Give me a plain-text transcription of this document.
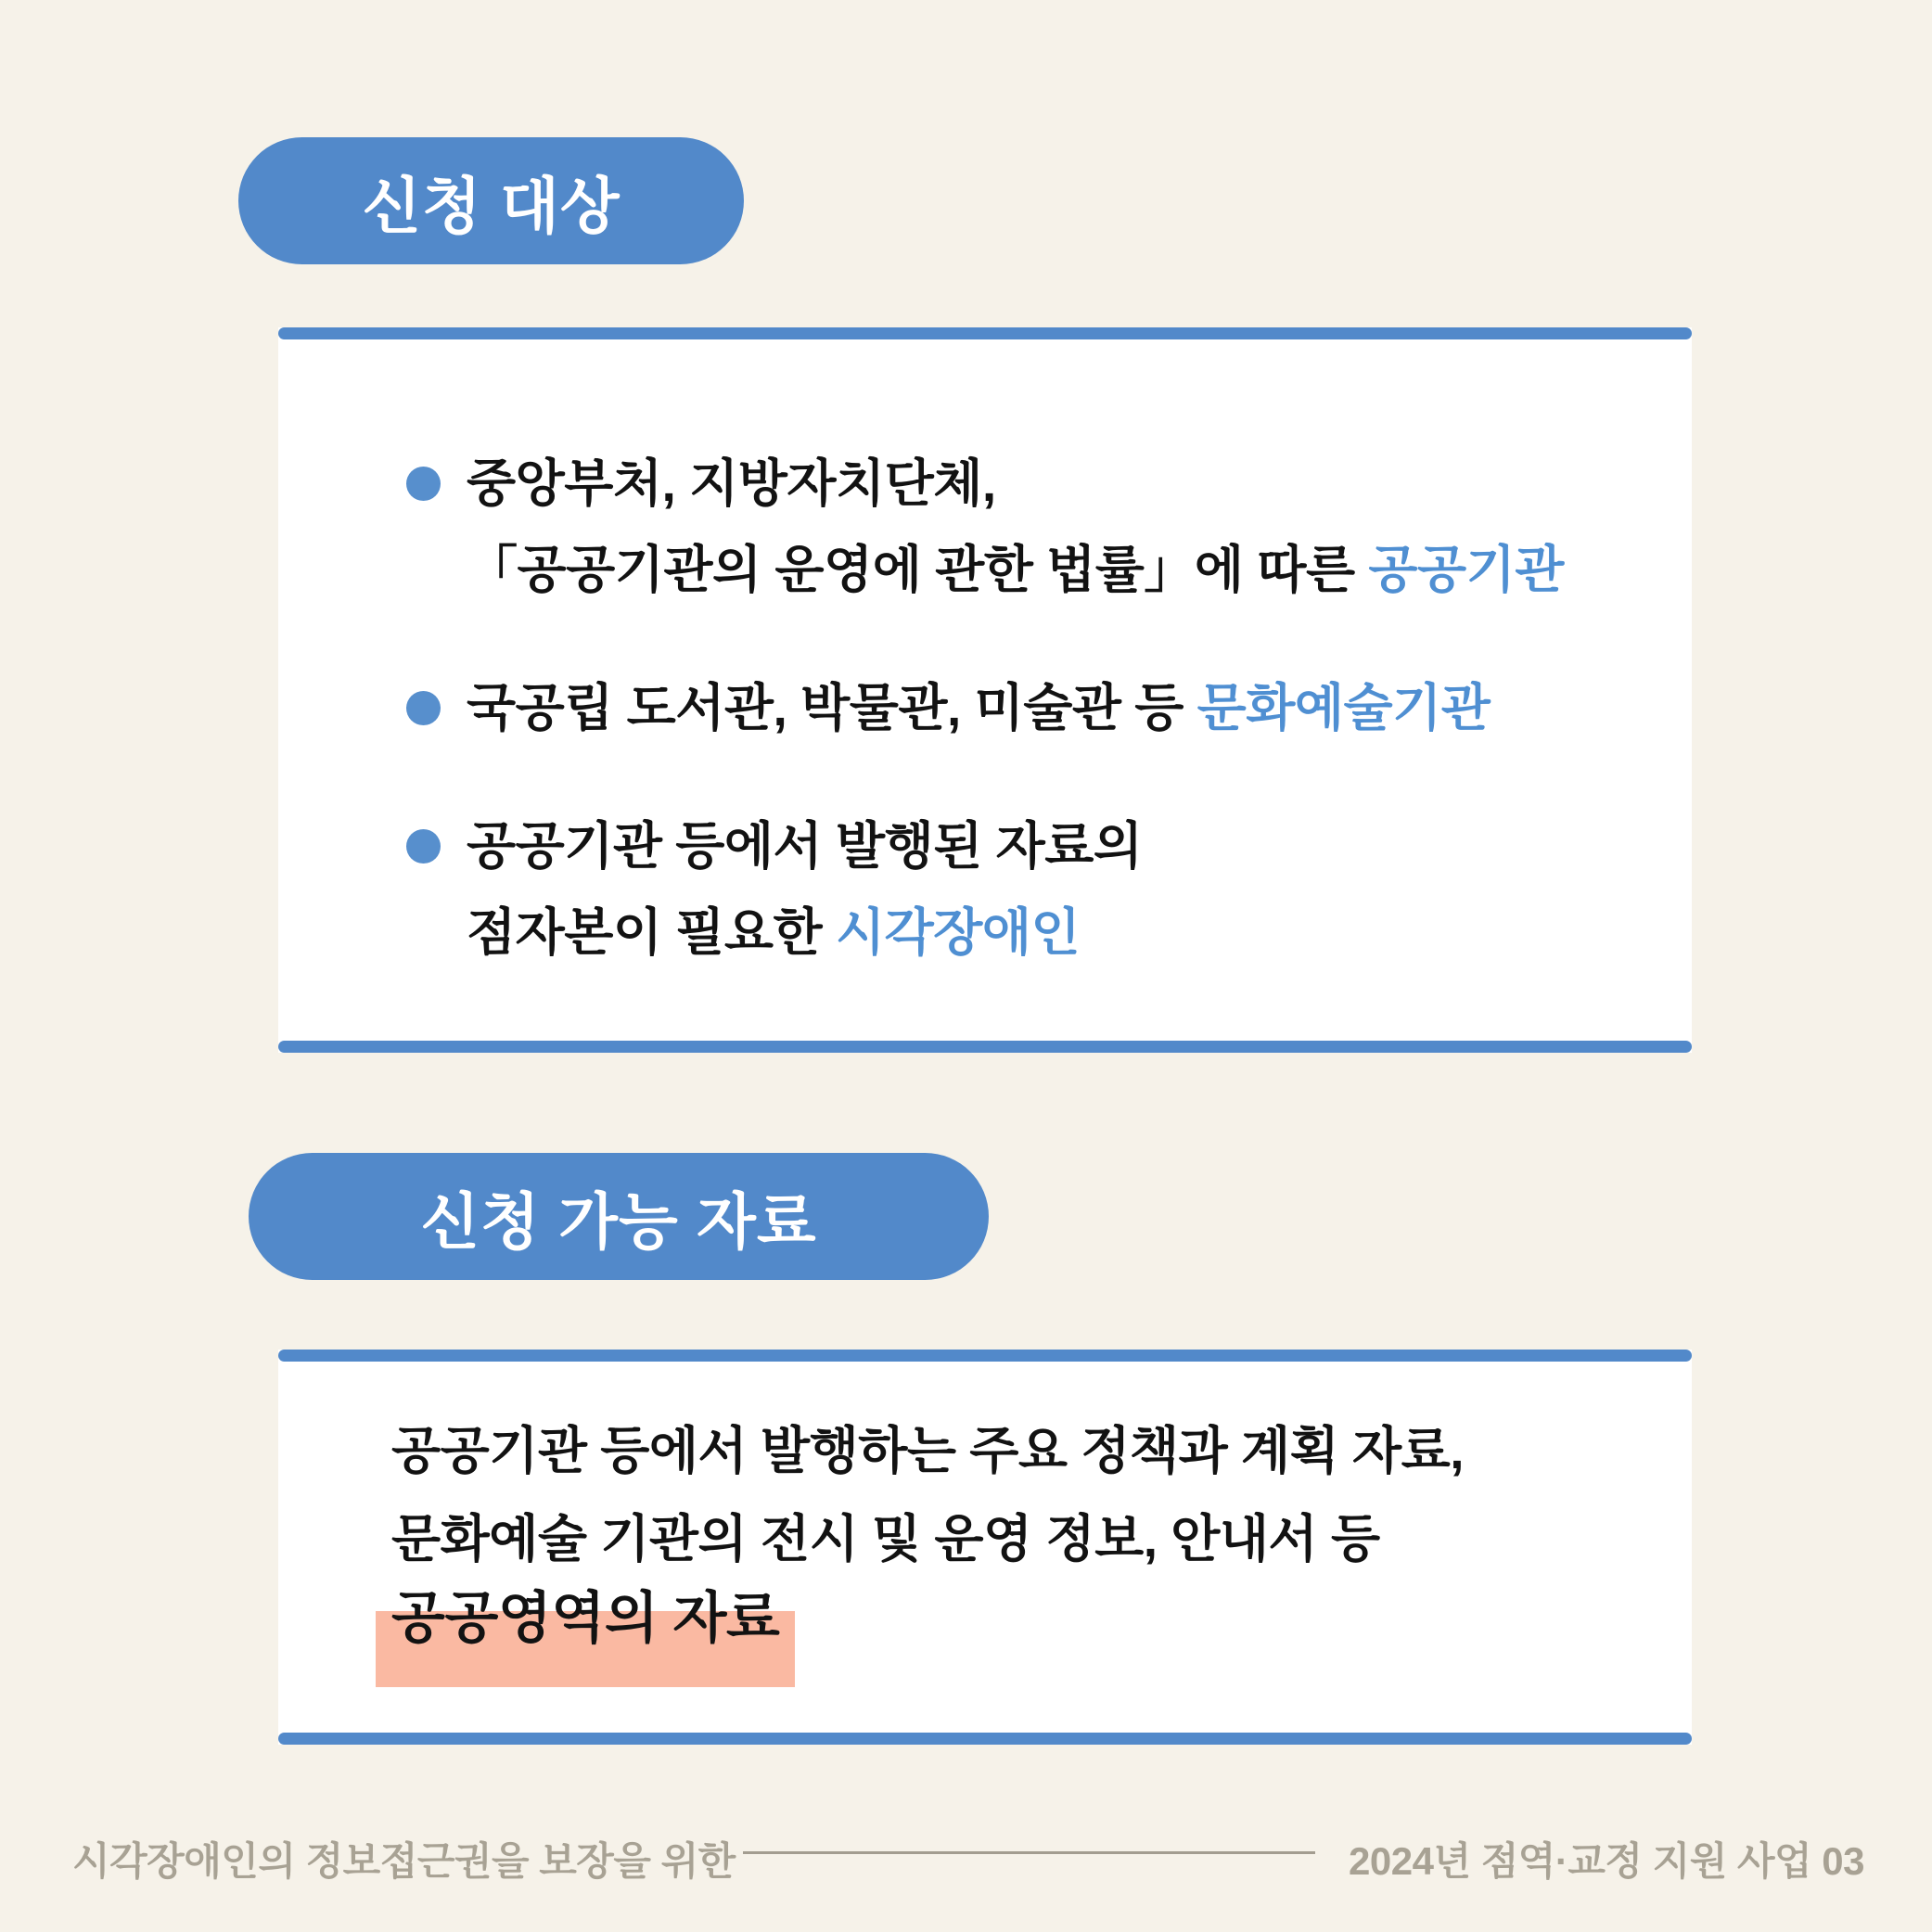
신청 대상
중앙부처, 지방자치단체,
「공공기관의 운영에 관한 법률」에 따른 공공기관
국공립 도서관, 박물관, 미술관 등 문화예술기관
공공기관 등에서 발행된 자료의
점자본이 필요한 시각장애인
신청 가능 자료

공공기관 등에서 발행하는 주요 정책과 계획 자료,

문화예술 기관의 전시 및 운영 정보, 안내서 등

공공영역의 자료

시각장애인의 정보접근권을 보장을 위한	2024년 점역·교정 지원 사업 03
